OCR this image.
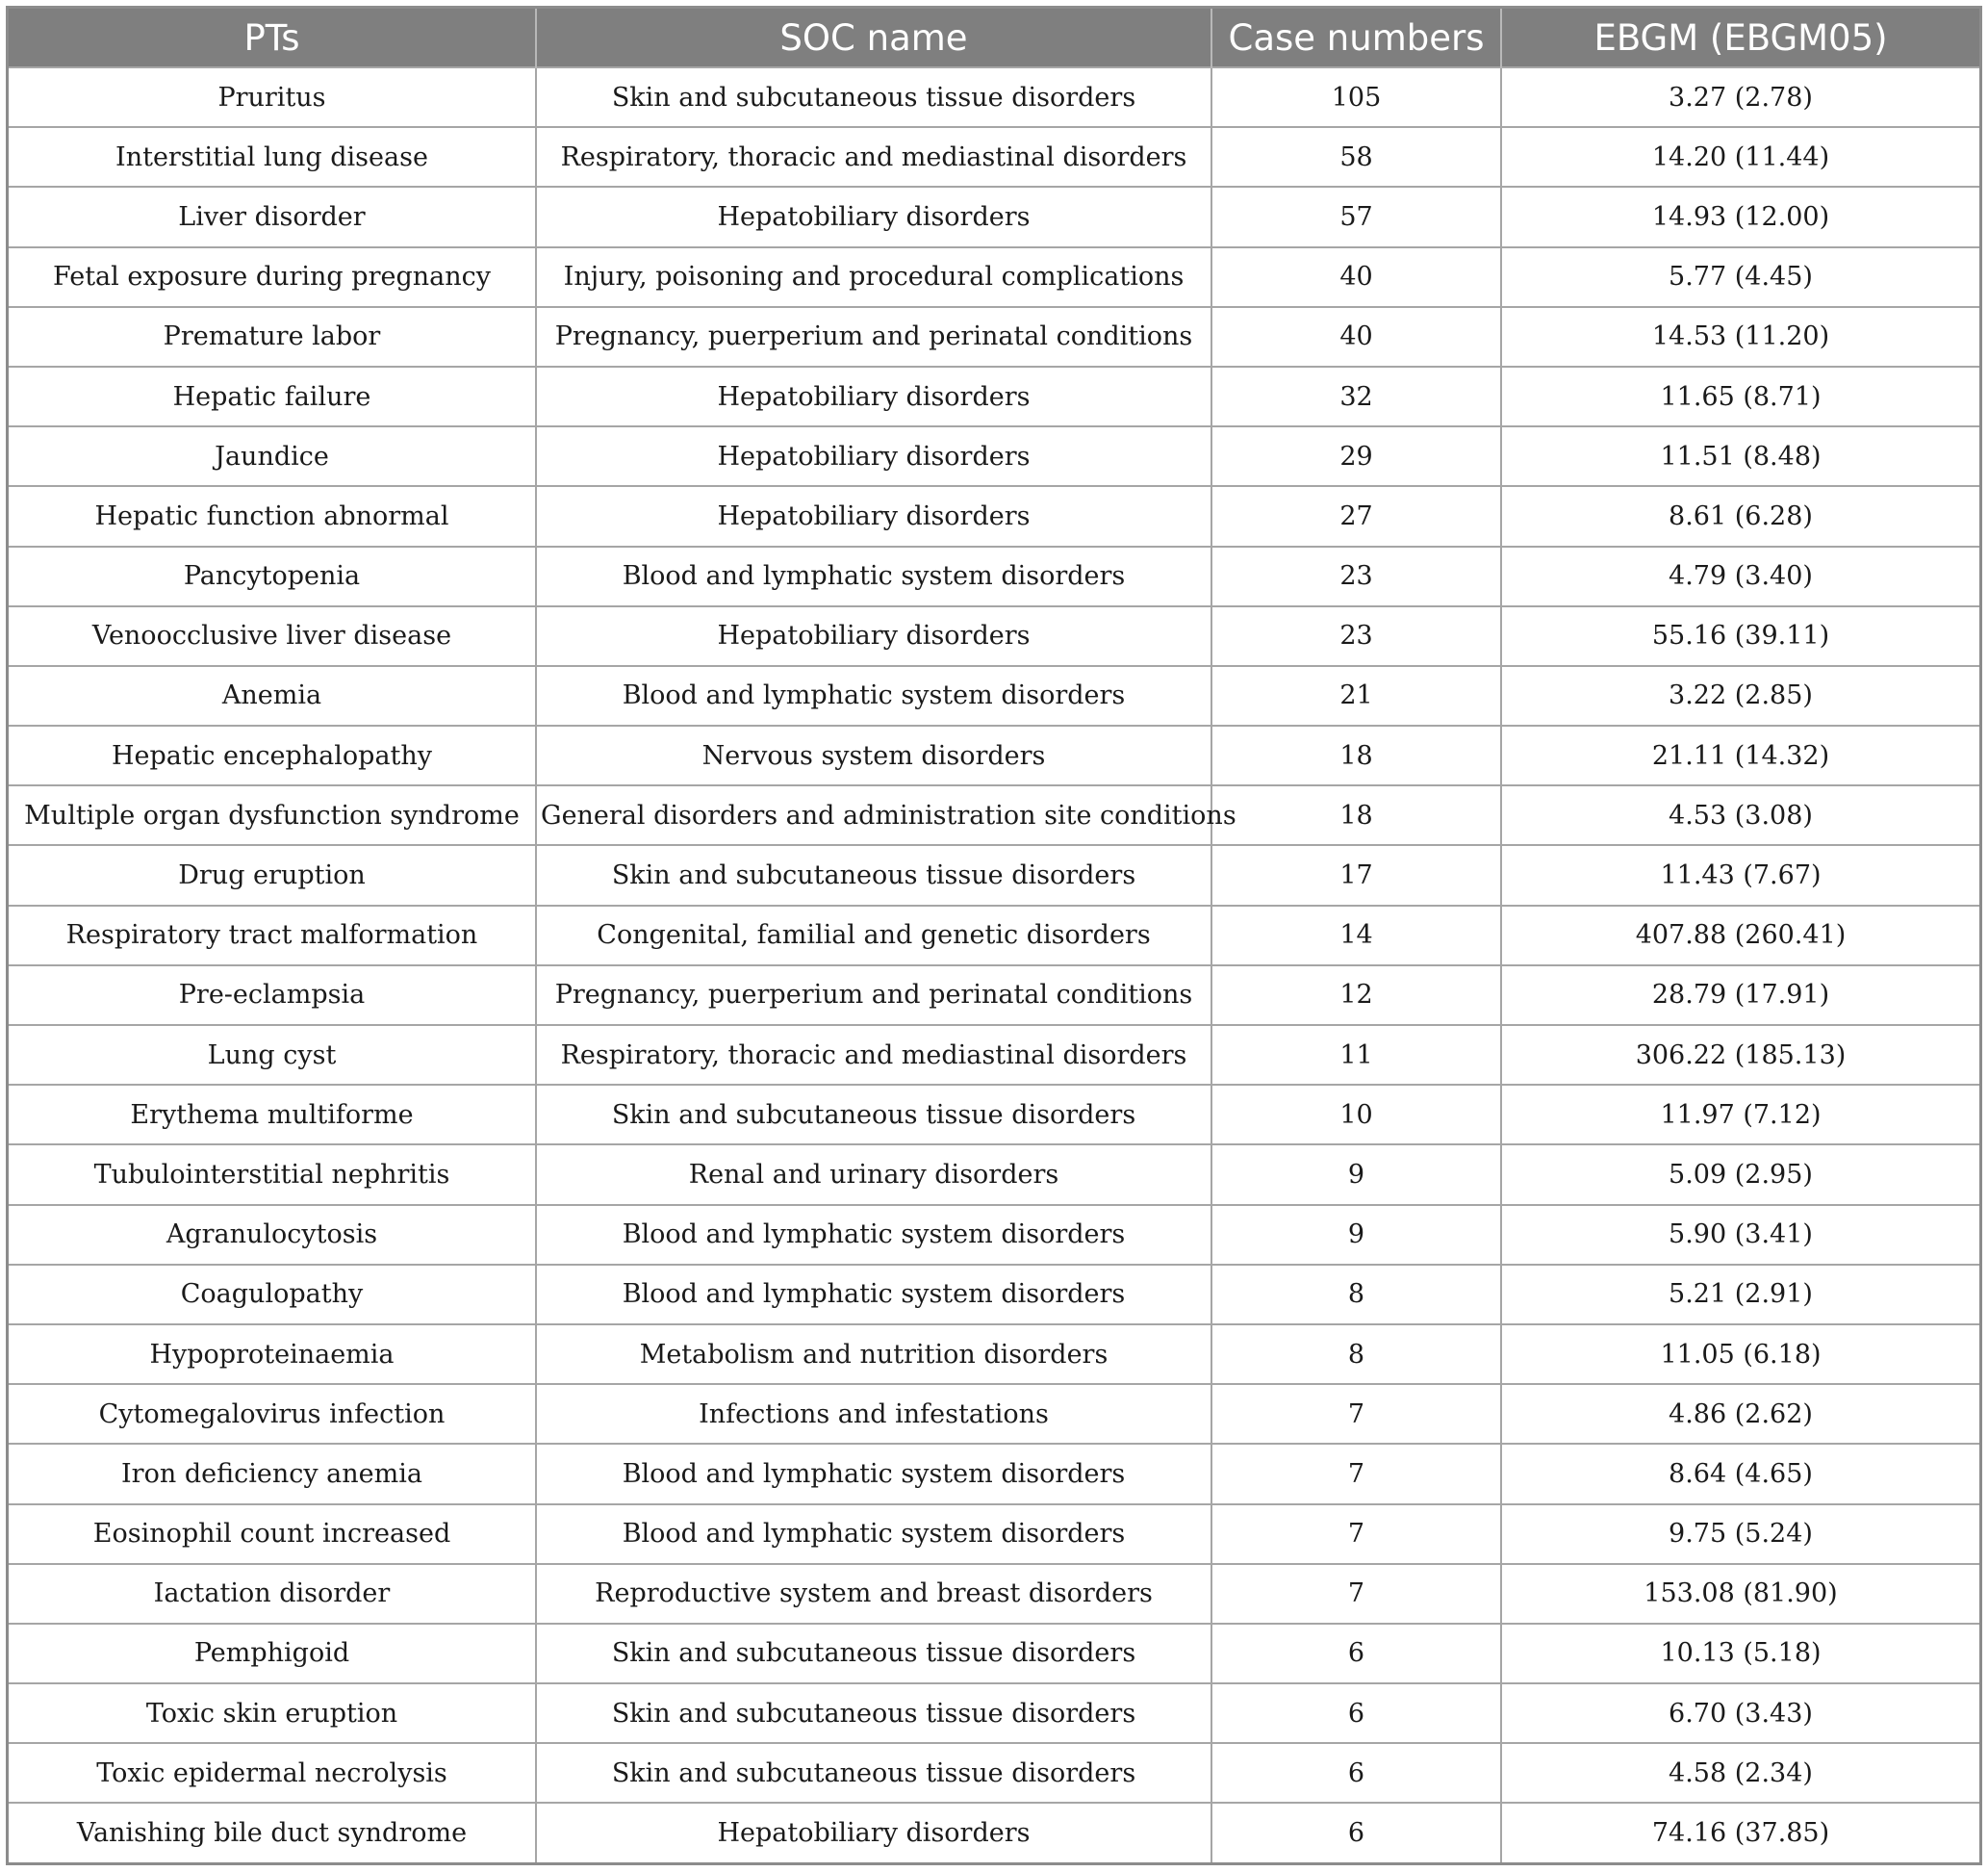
PTs	SOC name	Case numbers	EBGM (EBGM05)
Pruritus	Skin and subcutaneous tissue disorders	105	3.27 (2.78)
Interstitial lung disease	Respiratory, thoracic and mediastinal disorders	58	14.20 (11.44)
Liver disorder	Hepatobiliary disorders	57	14.93 (12.00)
Fetal exposure during pregnancy	Injury, poisoning and procedural complications	40	5.77 (4.45)
Premature labor	Pregnancy, puerperium and perinatal conditions	40	14.53 (11.20)
Hepatic failure	Hepatobiliary disorders	32	11.65 (8.71)
Jaundice	Hepatobiliary disorders	29	11.51 (8.48)
Hepatic function abnormal	Hepatobiliary disorders	27	8.61 (6.28)
Pancytopenia	Blood and lymphatic system disorders	23	4.79 (3.40)
Venoocclusive liver disease	Hepatobiliary disorders	23	55.16 (39.11)
Anemia	Blood and lymphatic system disorders	21	3.22 (2.85)
Hepatic encephalopathy	Nervous system disorders	18	21.11 (14.32)
Multiple organ dysfunction syndrome	General disorders and administration site conditions	18	4.53 (3.08)
Drug eruption	Skin and subcutaneous tissue disorders	17	11.43 (7.67)
Respiratory tract malformation	Congenital, familial and genetic disorders	14	407.88 (260.41)
Pre-eclampsia	Pregnancy, puerperium and perinatal conditions	12	28.79 (17.91)
Lung cyst	Respiratory, thoracic and mediastinal disorders	11	306.22 (185.13)
Erythema multiforme	Skin and subcutaneous tissue disorders	10	11.97 (7.12)
Tubulointerstitial nephritis	Renal and urinary disorders	9	5.09 (2.95)
Agranulocytosis	Blood and lymphatic system disorders	9	5.90 (3.41)
Coagulopathy	Blood and lymphatic system disorders	8	5.21 (2.91)
Hypoproteinaemia	Metabolism and nutrition disorders	8	11.05 (6.18)
Cytomegalovirus infection	Infections and infestations	7	4.86 (2.62)
Iron deficiency anemia	Blood and lymphatic system disorders	7	8.64 (4.65)
Eosinophil count increased	Blood and lymphatic system disorders	7	9.75 (5.24)
Iactation disorder	Reproductive system and breast disorders	7	153.08 (81.90)
Pemphigoid	Skin and subcutaneous tissue disorders	6	10.13 (5.18)
Toxic skin eruption	Skin and subcutaneous tissue disorders	6	6.70 (3.43)
Toxic epidermal necrolysis	Skin and subcutaneous tissue disorders	6	4.58 (2.34)
Vanishing bile duct syndrome	Hepatobiliary disorders	6	74.16 (37.85)
